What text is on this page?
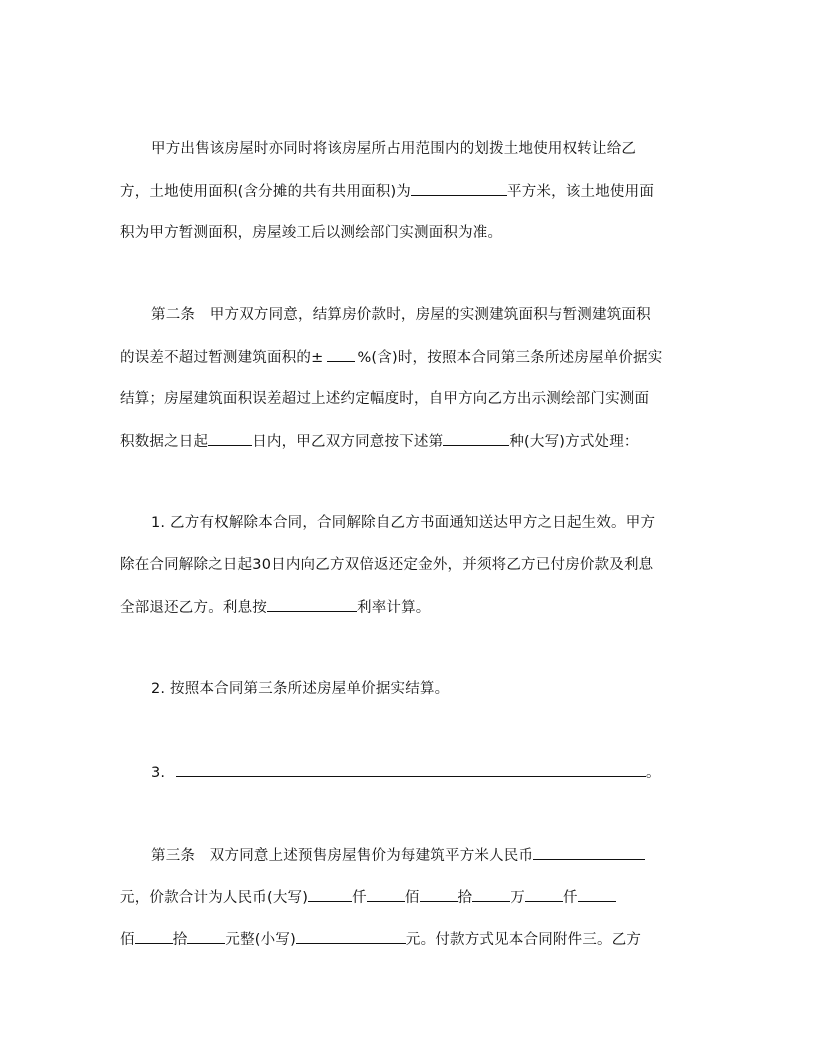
甲方出售该房屋时亦同时将该房屋所占用范围内的划拨土地使用权转让给乙
方，土地使用面积(含分摊的共有共用面积)为	平方米，该土地使用面
积为甲方暂测面积，房屋竣工后以测绘部门实测面积为准。
第二条　甲方双方同意，结算房价款时，房屋的实测建筑面积与暂测建筑面积
的误差不超过暂测建筑面积的± %(含)时，按照本合同第三条所述房屋单价据实
结算；房屋建筑面积误差超过上述约定幅度时，自甲方向乙方出示测绘部门实测面
积数据之日起	日内，甲乙双方同意按下述第	种(大写)方式处理：
1. 乙方有权解除本合同，合同解除自乙方书面通知送达甲方之日起生效。甲方
除在合同解除之日起30日内向乙方双倍返还定金外，并须将乙方已付房价款及利息
全部退还乙方。利息按	利率计算。
2. 按照本合同第三条所述房屋单价据实结算。
3.	。
第三条　双方同意上述预售房屋售价为每建筑平方米人民币
元，价款合计为人民币(大写)	仟	佰	拾	万	仟
佰	拾	元整(小写)	元。付款方式见本合同附件三。乙方
